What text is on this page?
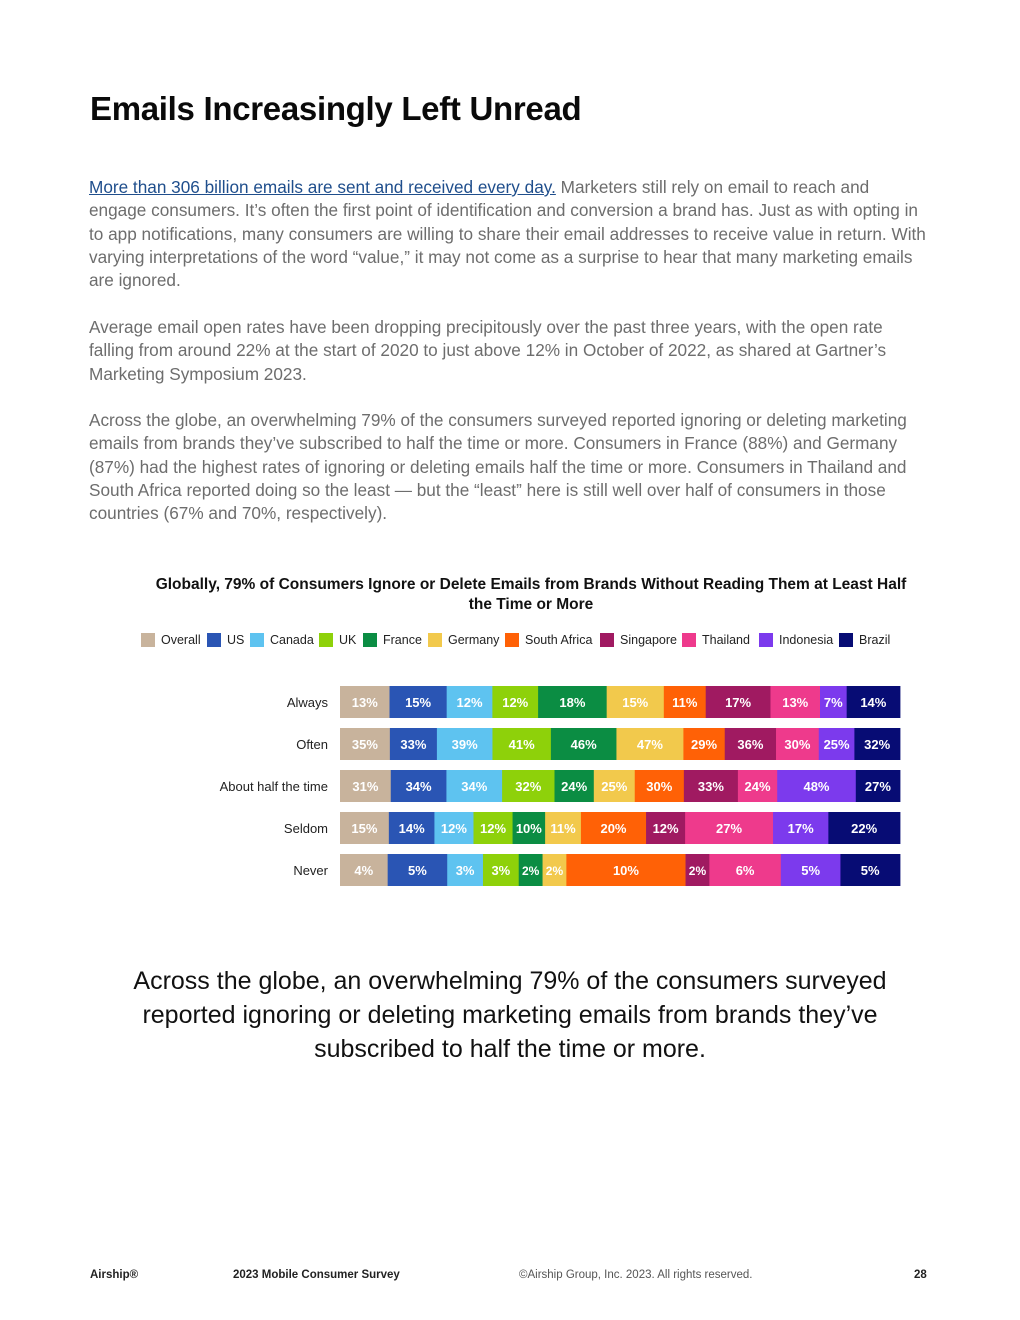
Emails Increasingly Left Unread

More than 306 billion emails are sent and received every day. Marketers still rely on email to reach and engage consumers. It’s often the first point of identification and conversion a brand has. Just as with opting in to app notifications, many consumers are willing to share their email addresses to receive value in return. With varying interpretations of the word “value,” it may not come as a surprise to hear that many marketing emails are ignored.

Average email open rates have been dropping precipitously over the past three years, with the open rate falling from around 22% at the start of 2020 to just above 12% in October of 2022, as shared at Gartner’s Marketing Symposium 2023.

Across the globe, an overwhelming 79% of the consumers surveyed reported ignoring or deleting marketing emails from brands they’ve subscribed to half the time or more. Consumers in France (88%) and Germany (87%) had the highest rates of ignoring or deleting emails half the time or more. Consumers in Thailand and South Africa reported doing so the least — but the “least” here is still well over half of consumers in those countries (67% and 70%, respectively).

Globally, 79% of Consumers Ignore or Delete Emails from Brands Without Reading Them at Least Half the Time or More
Overall US Canada UK France Germany South Africa Singapore Thailand Indonesia Brazil
Always 13% 15% 12% 12% 18%	15% 11% 17% 13% 7% 14%
Often 35% 33% 39% 41%	46%	47% 29% 36% 30% 25% 32%
About half the time 31% 34% 34% 32% 24% 25% 30% 33% 24%	48%	27%
Seldom 15% 14% 12% 12% 10% 11% 20% 12%	27%	17%	22%
Never 4%	5% 3% 3% 2% 2%	10%	2% 6%	5%	5%

Across the globe, an overwhelming 79% of the consumers surveyed reported ignoring or deleting marketing emails from brands they’ve subscribed to half the time or more.

Airship®	2023 Mobile Consumer Survey	©Airship Group, Inc. 2023. All rights reserved.	28
